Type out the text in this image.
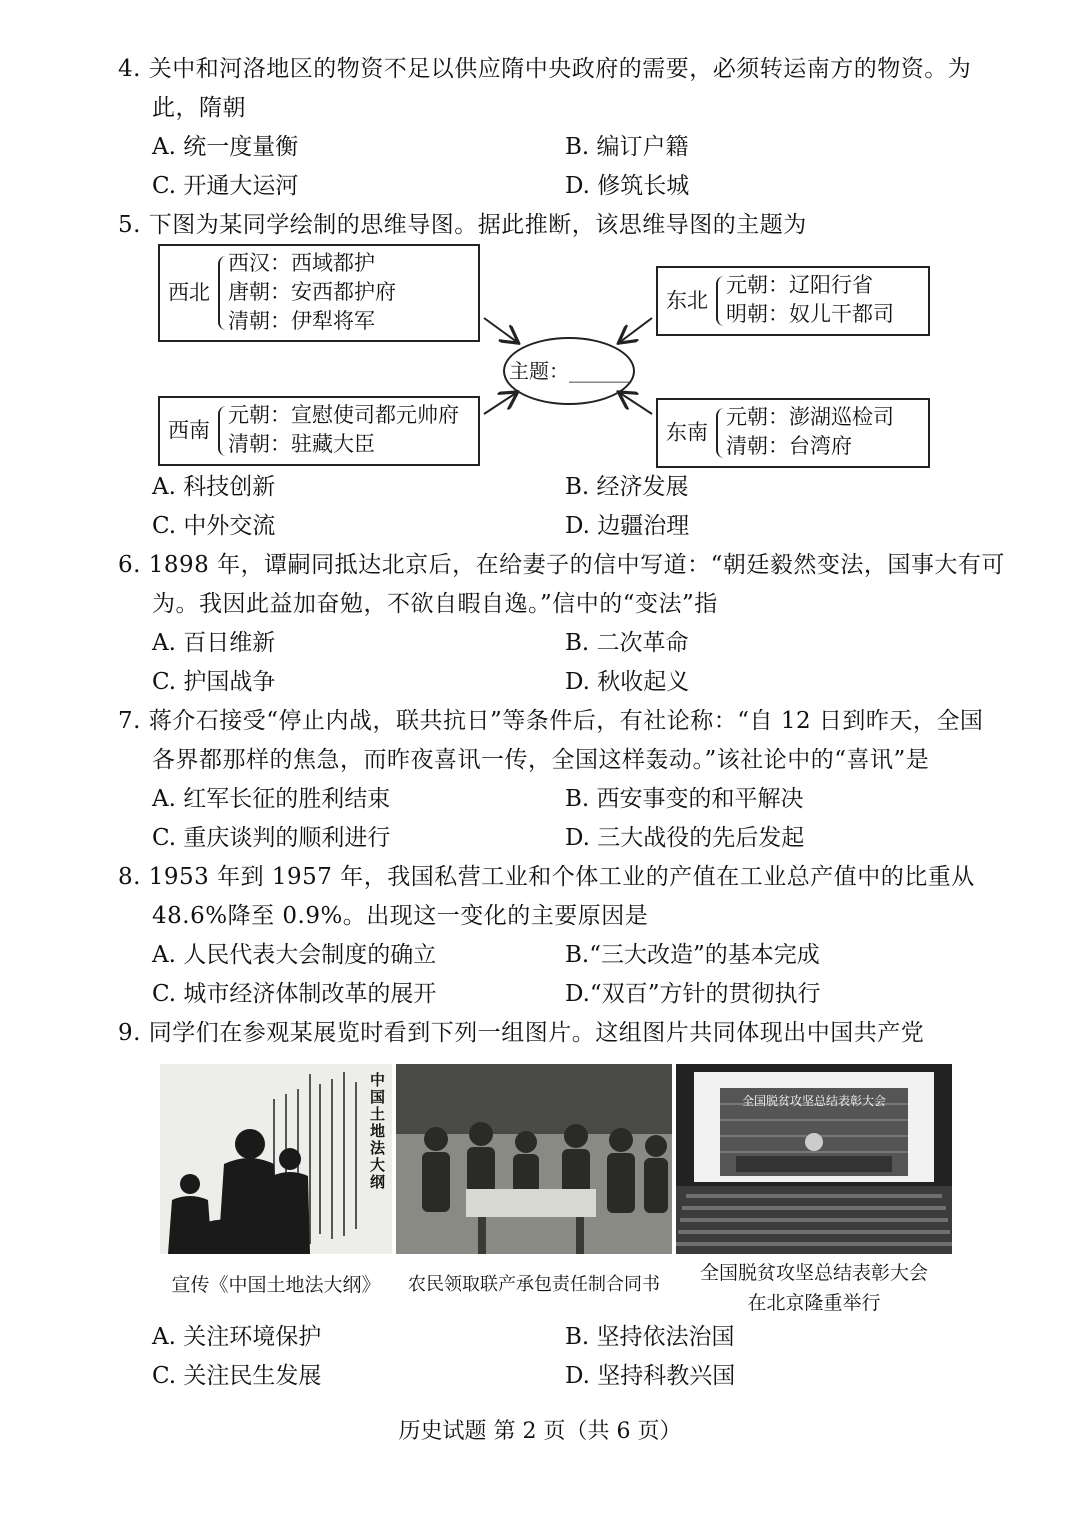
4. 关中和河洛地区的物资不足以供应隋中央政府的需要，必须转运南方的物资。为
此，隋朝
A. 统一度量衡	B. 编订户籍
C. 开通大运河	D. 修筑长城
5. 下图为某同学绘制的思维导图。据此推断，该思维导图的主题为
西北
西汉：西域都护
唐朝：安西都护府
清朝：伊犁将军
东北
元朝：辽阳行省
明朝：奴儿干都司
主题：______
西南
元朝：宣慰使司都元帅府
清朝：驻藏大臣	东南
元朝：澎湖巡检司
清朝：台湾府
A. 科技创新	B. 经济发展
C. 中外交流	D. 边疆治理
6. 1898 年，谭嗣同抵达北京后，在给妻子的信中写道：“朝廷毅然变法，国事大有可
为。我因此益加奋勉，不欲自暇自逸。”信中的“变法”指
A. 百日维新	B. 二次革命
C. 护国战争	D. 秋收起义
7. 蒋介石接受“停止内战，联共抗日”等条件后，有社论称：“自 12 日到昨天，全国
各界都那样的焦急，而昨夜喜讯一传，全国这样轰动。”该社论中的“喜讯”是
A. 红军长征的胜利结束	B. 西安事变的和平解决
C. 重庆谈判的顺利进行	D. 三大战役的先后发起
8. 1953 年到 1957 年，我国私营工业和个体工业的产值在工业总产值中的比重从
48.6%降至 0.9%。出现这一变化的主要原因是
A. 人民代表大会制度的确立	B.“三大改造”的基本完成
C. 城市经济体制改革的展开	D.“双百”方针的贯彻执行
9. 同学们在参观某展览时看到下列一组图片。这组图片共同体现出中国共产党
中国土地法大纲
全国脱贫攻坚总结表彰大会
宣传《中国土地法大纲》	农民领取联产承包责任制合同书
全国脱贫攻坚总结表彰大会
在北京隆重举行
A. 关注环境保护	B. 坚持依法治国
C. 关注民生发展	D. 坚持科教兴国
历史试题 第 2 页（共 6 页）
